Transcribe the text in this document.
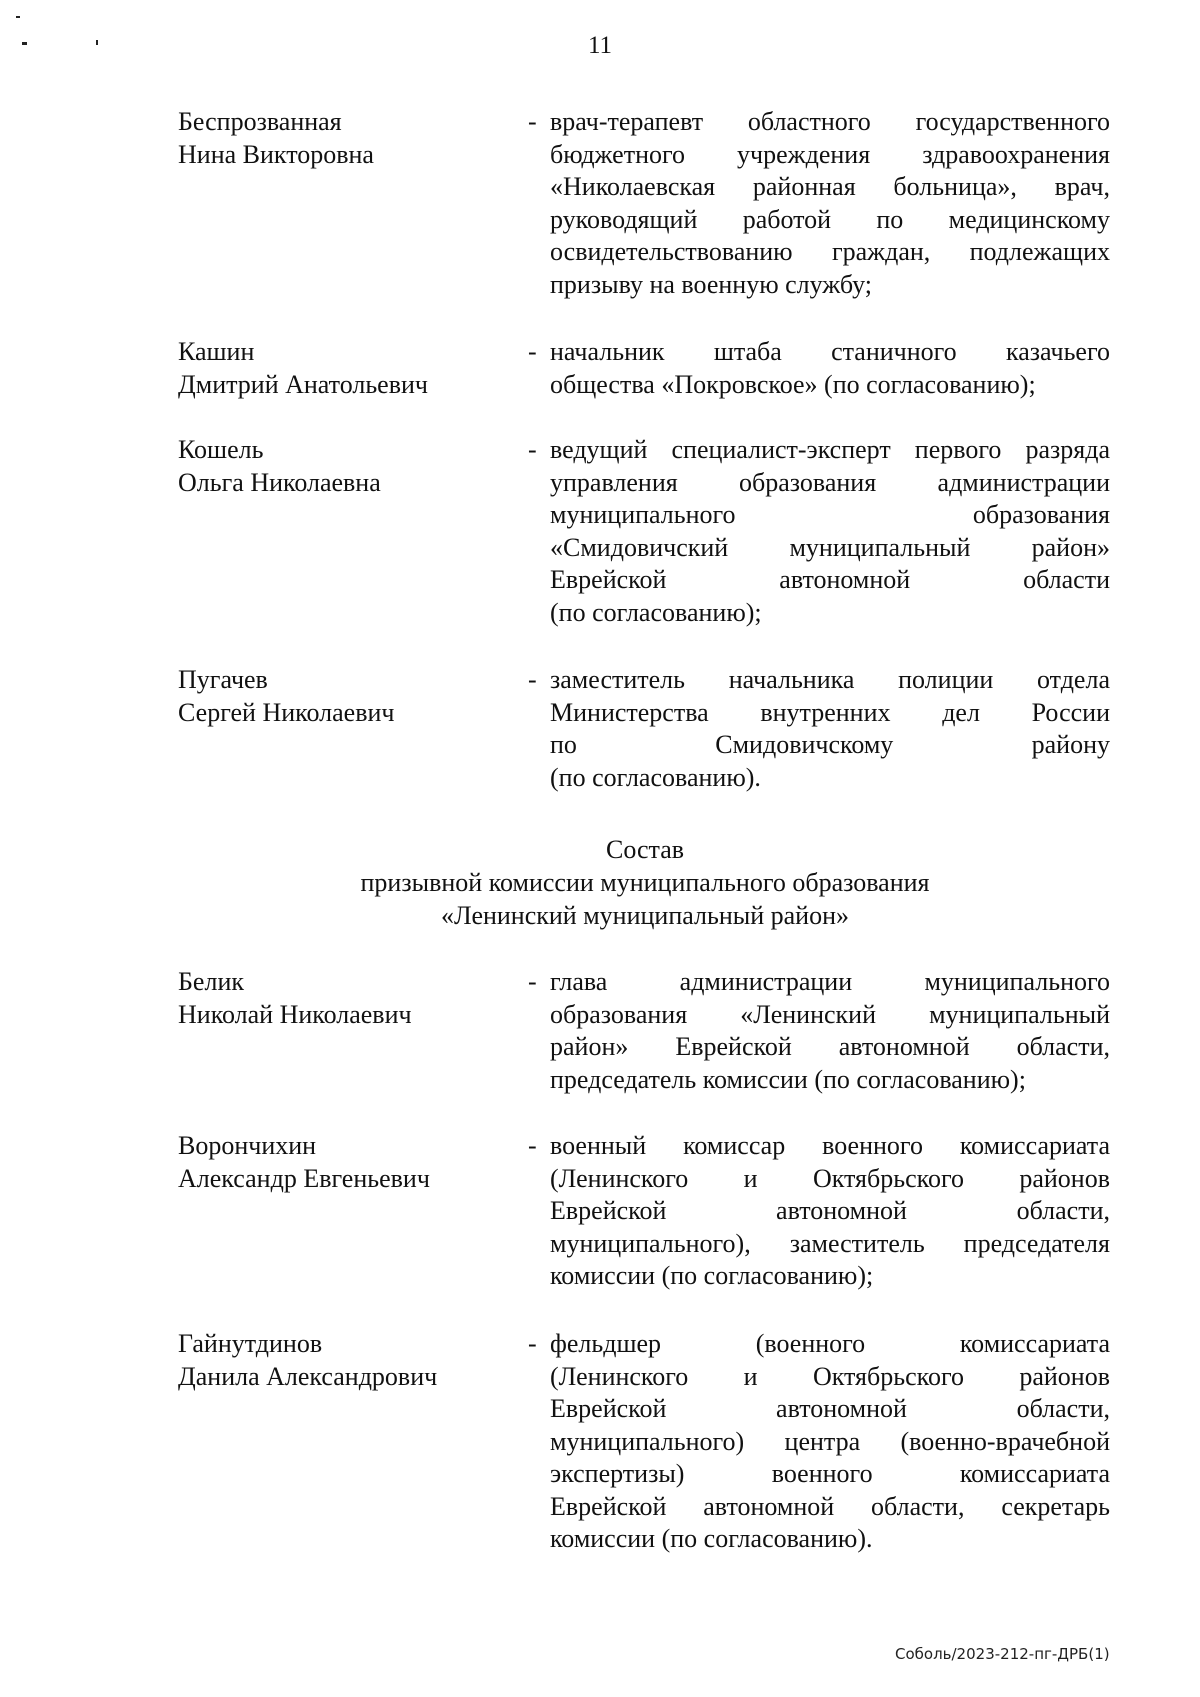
11
Беспрозванная
Нина Викторовна
- врач-терапевт областного государственного
бюджетного учреждения здравоохранения
«Николаевская районная больница», врач,
руководящий работой по медицинскому
освидетельствованию граждан, подлежащих
призыву на военную службу;
Кашин
Дмитрий Анатольевич
- начальник штаба станичного казачьего
общества «Покровское» (по согласованию);
Кошель
Ольга Николаевна
- ведущий специалист-эксперт первого разряда
управления образования администрации
муниципального образования
«Смидовичский муниципальный район»
Еврейской автономной области
(по согласованию);
Пугачев
Сергей Николаевич
- заместитель начальника полиции отдела
Министерства внутренних дел России
по Смидовичскому району
(по согласованию).
Состав
призывной комиссии муниципального образования
«Ленинский муниципальный район»
Белик
Николай Николаевич
- глава администрации муниципального
образования «Ленинский муниципальный
район» Еврейской автономной области,
председатель комиссии (по согласованию);
Ворончихин
Александр Евгеньевич
- военный комиссар военного комиссариата
(Ленинского и Октябрьского районов
Еврейской автономной области,
муниципального), заместитель председателя
комиссии (по согласованию);
Гайнутдинов
Данила Александрович
- фельдшер (военного комиссариата
(Ленинского и Октябрьского районов
Еврейской автономной области,
муниципального) центра (военно-врачебной
экспертизы) военного комиссариата
Еврейской автономной области, секретарь
комиссии (по согласованию).
Соболь/2023-212-пг-ДРБ(1)
